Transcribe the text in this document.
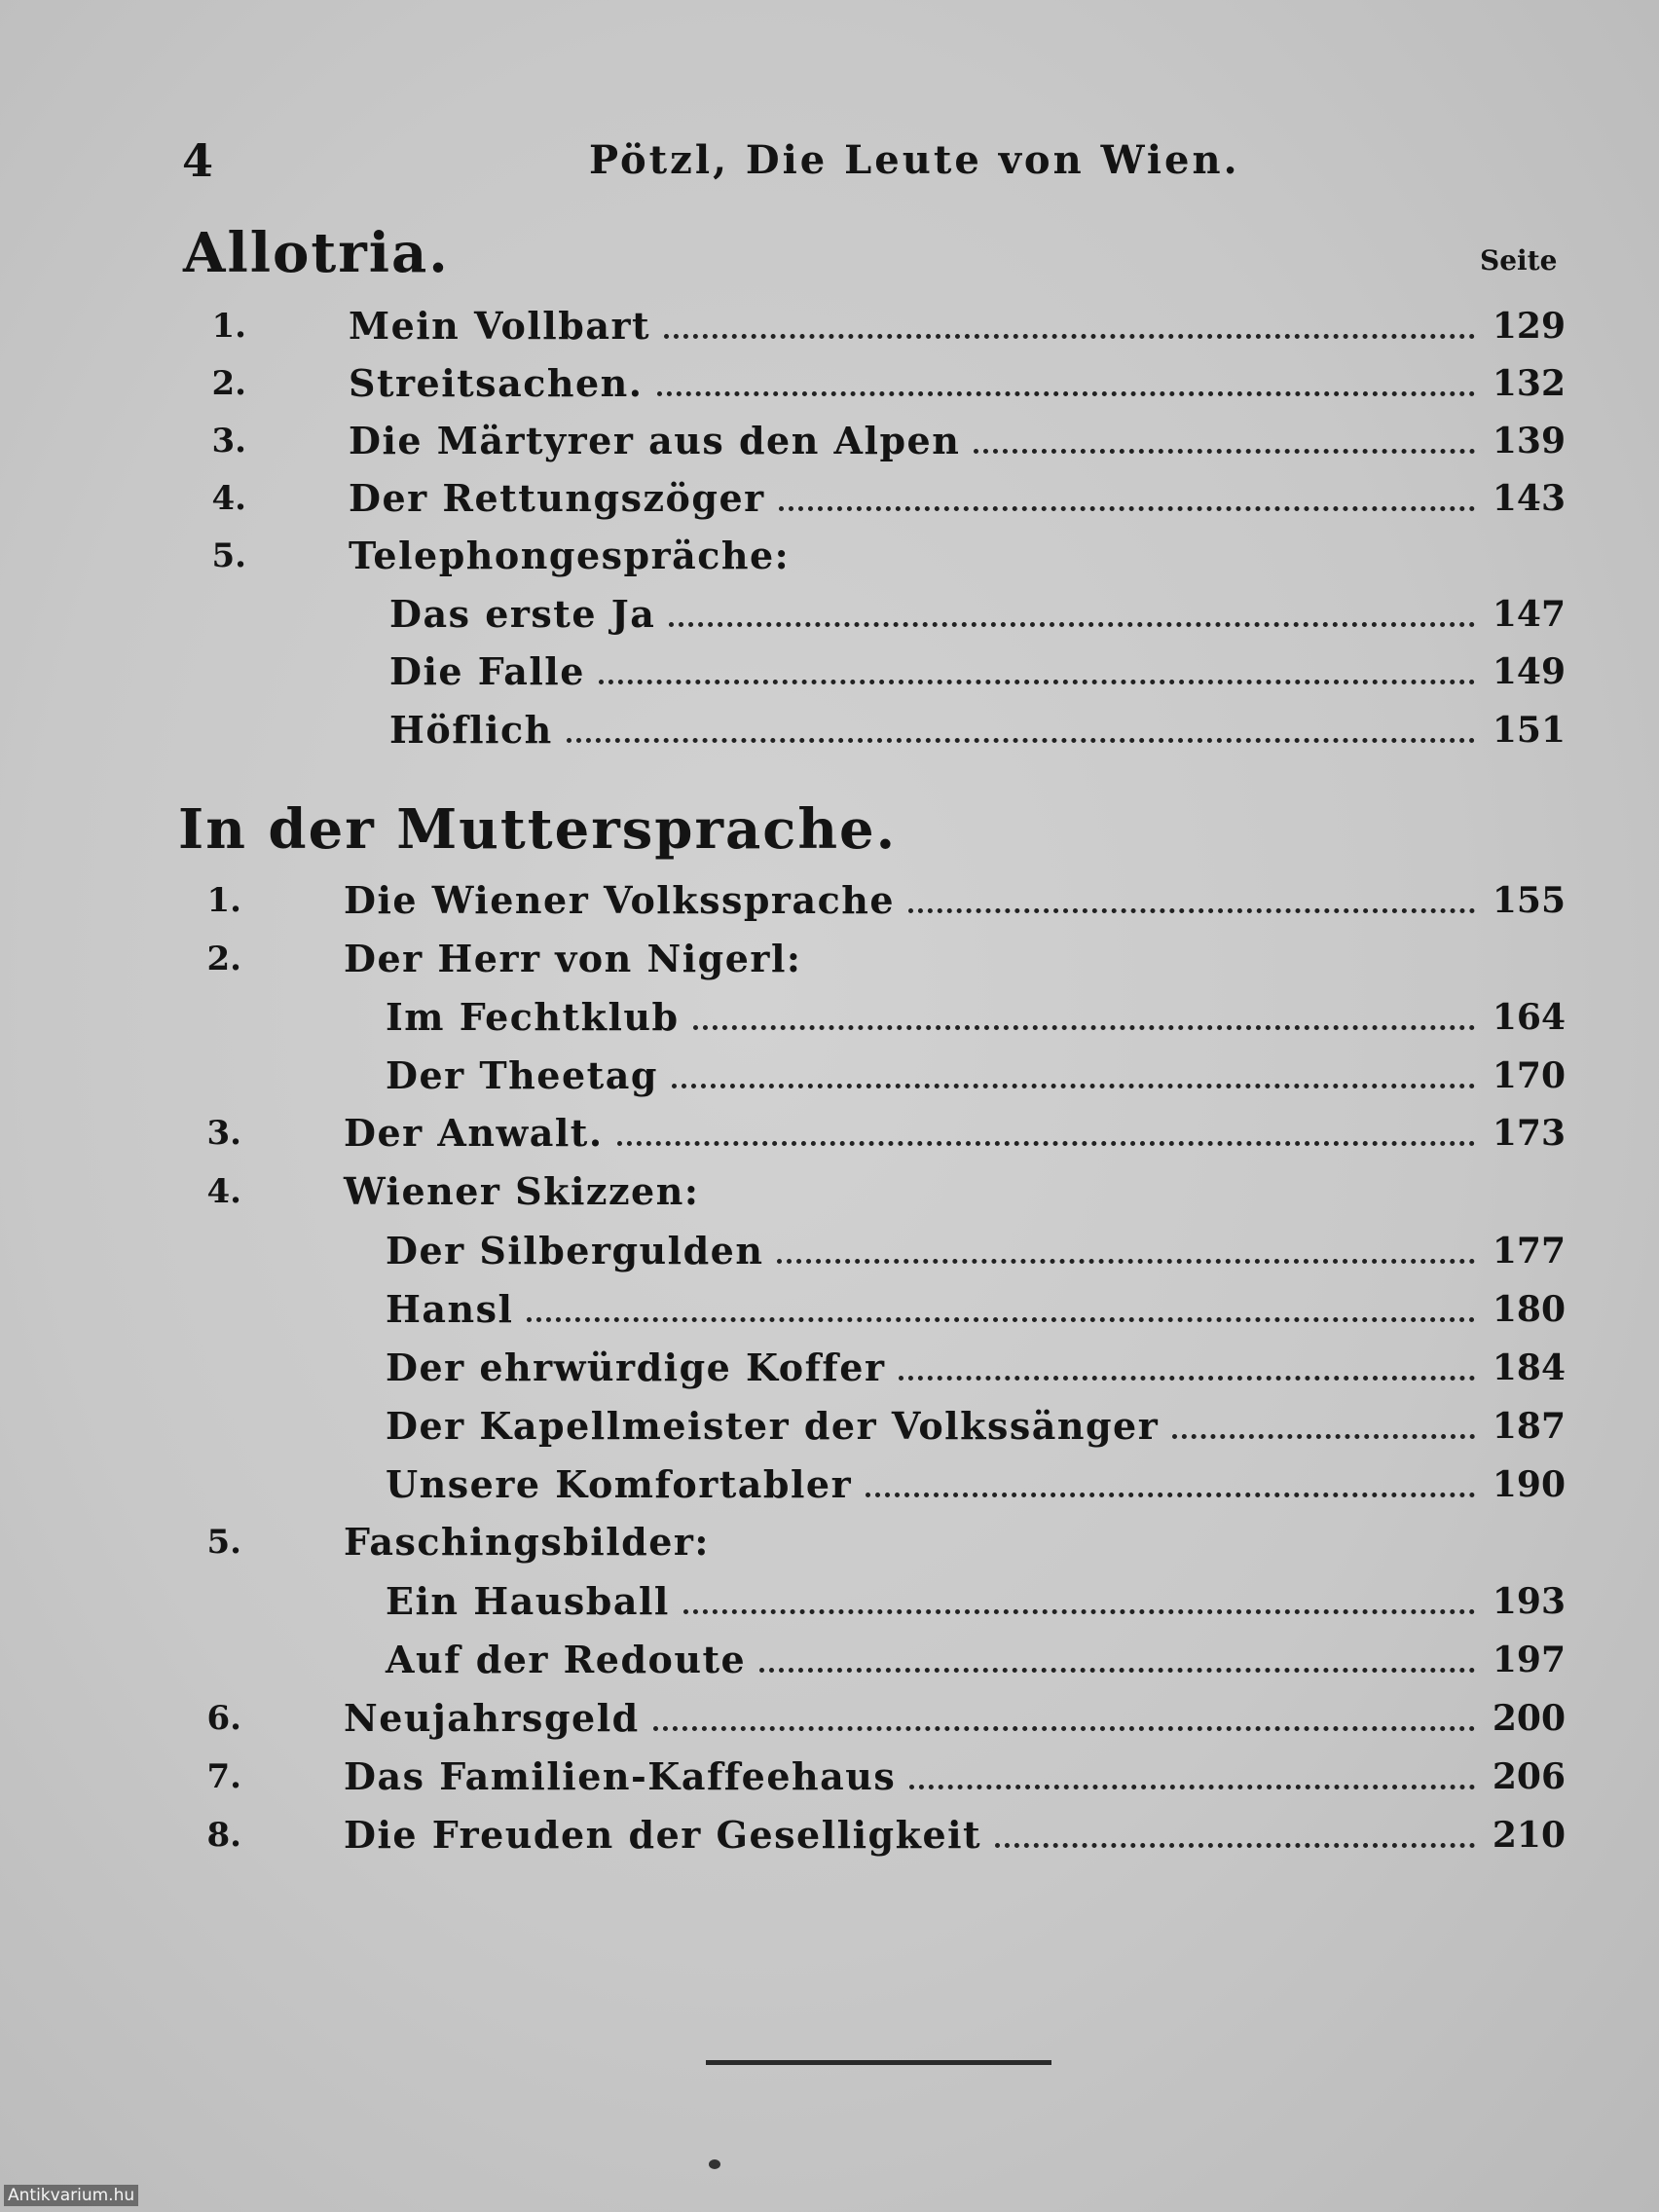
4	Pötzl, Die Leute von Wien.
Allotria.	Seite
In der Muttersprache.
1.	Mein Vollbart	129
2.	Streitsachen.	132
3.	Die Märtyrer aus den Alpen	139
4.	Der Rettungszöger	143
5.	Telephongespräche:
Das erste Ja	147
Die Falle	149
Höflich	151
1.	Die Wiener Volkssprache	155
2.	Der Herr von Nigerl:
Im Fechtklub	164
Der Theetag	170
3.	Der Anwalt.	173
4.	Wiener Skizzen:
Der Silbergulden	177
Hansl	180
Der ehrwürdige Koffer	184
Der Kapellmeister der Volkssänger	187
Unsere Komfortabler	190
5.	Faschingsbilder:
Ein Hausball	193
Auf der Redoute	197
6.	Neujahrsgeld	200
7.	Das Familien-Kaffeehaus	206
8.	Die Freuden der Geselligkeit	210
Antikvarium.hu
